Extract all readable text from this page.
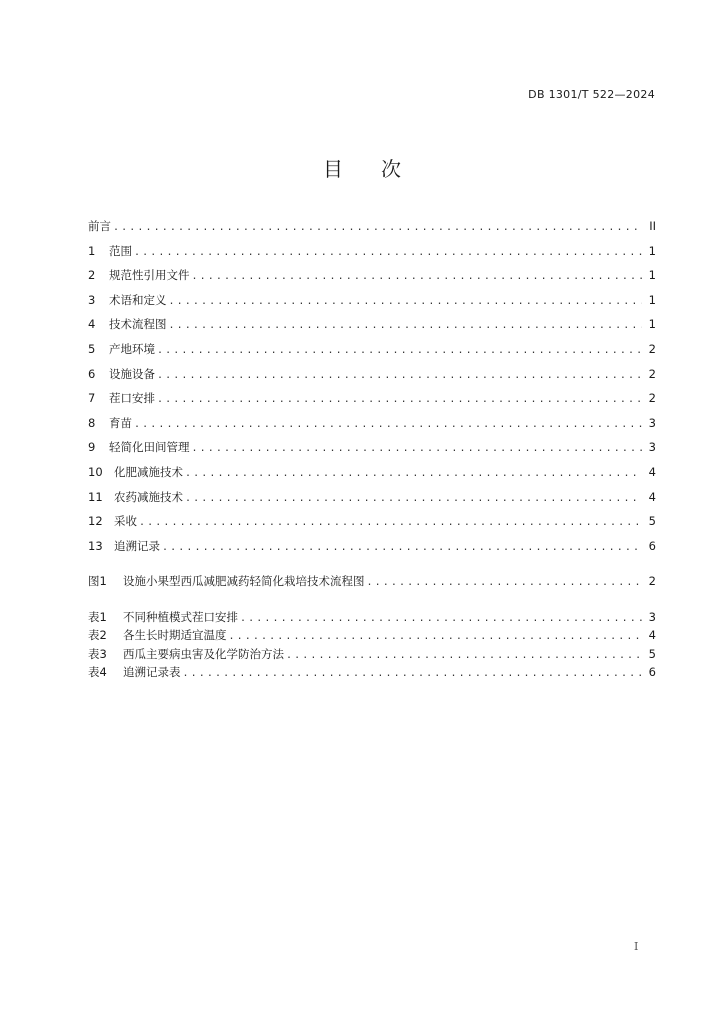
DB 1301/T 522—2024
目 次
前言 .....	II
1	范围 .....	1
2	规范性引用文件 .....	1
3	术语和定义 .....	1
4	技术流程图 .....	1
5	产地环境 .....	2
6	设施设备 .....	2
7	茬口安排 .....	2
8	育苗 .....	3
9	轻简化田间管理 .....	3
10 化肥减施技术 .....	4
11 农药减施技术 .....	4
12 采收 .....	5
13 追溯记录 .....	6
图1	设施小果型西瓜减肥减药轻简化栽培技术流程图 .....	2
表1	不同种植模式茬口安排 .....	3
表2	各生长时期适宜温度 .....	4
表3	西瓜主要病虫害及化学防治方法 .....	5
表4	追溯记录表 .....	6
I
